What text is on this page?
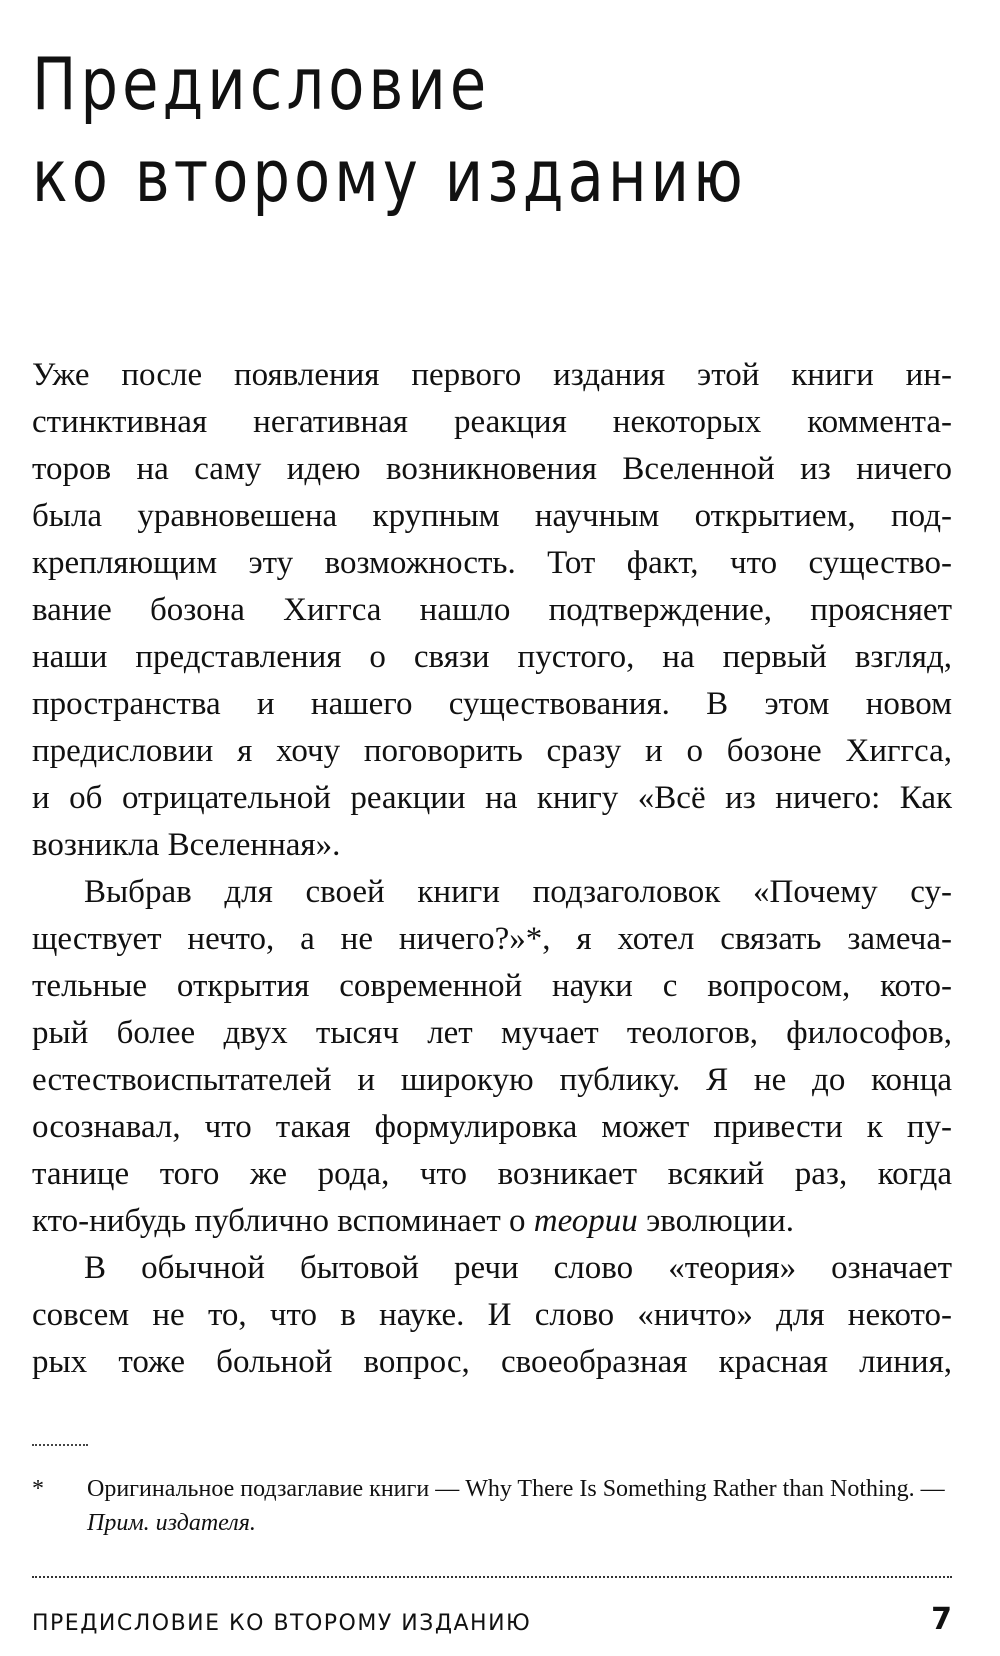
Предисловие
ко второму изданию
Уже после появления первого издания этой книги ин-
стинктивная негативная реакция некоторых коммента-
торов на саму идею возникновения Вселенной из ничего
была уравновешена крупным научным открытием, под-
крепляющим эту возможность. Тот факт, что существо-
вание бозона Хиггса нашло подтверждение, проясняет
наши представления о связи пустого, на первый взгляд,
пространства и нашего существования. В этом новом
предисловии я хочу поговорить сразу и о бозоне Хиггса,
и об отрицательной реакции на книгу «Всё из ничего: Как
возникла Вселенная».
Выбрав для своей книги подзаголовок «Почему су-
ществует нечто, а не ничего?»*, я хотел связать замеча-
тельные открытия современной науки с вопросом, кото-
рый более двух тысяч лет мучает теологов, философов,
естествоиспытателей и широкую публику. Я не до конца
осознавал, что такая формулировка может привести к пу-
танице того же рода, что возникает всякий раз, когда
кто-нибудь публично вспоминает о теории эволюции.
В обычной бытовой речи слово «теория» означает
совсем не то, что в науке. И слово «ничто» для некото-
рых тоже больной вопрос, своеобразная красная линия,
* Оригинальное подзаглавие книги — Why There Is Something Rather than Nothing. — Прим. издателя.
ПРЕДИСЛОВИЕ КО ВТОРОМУ ИЗДАНИЮ	7
